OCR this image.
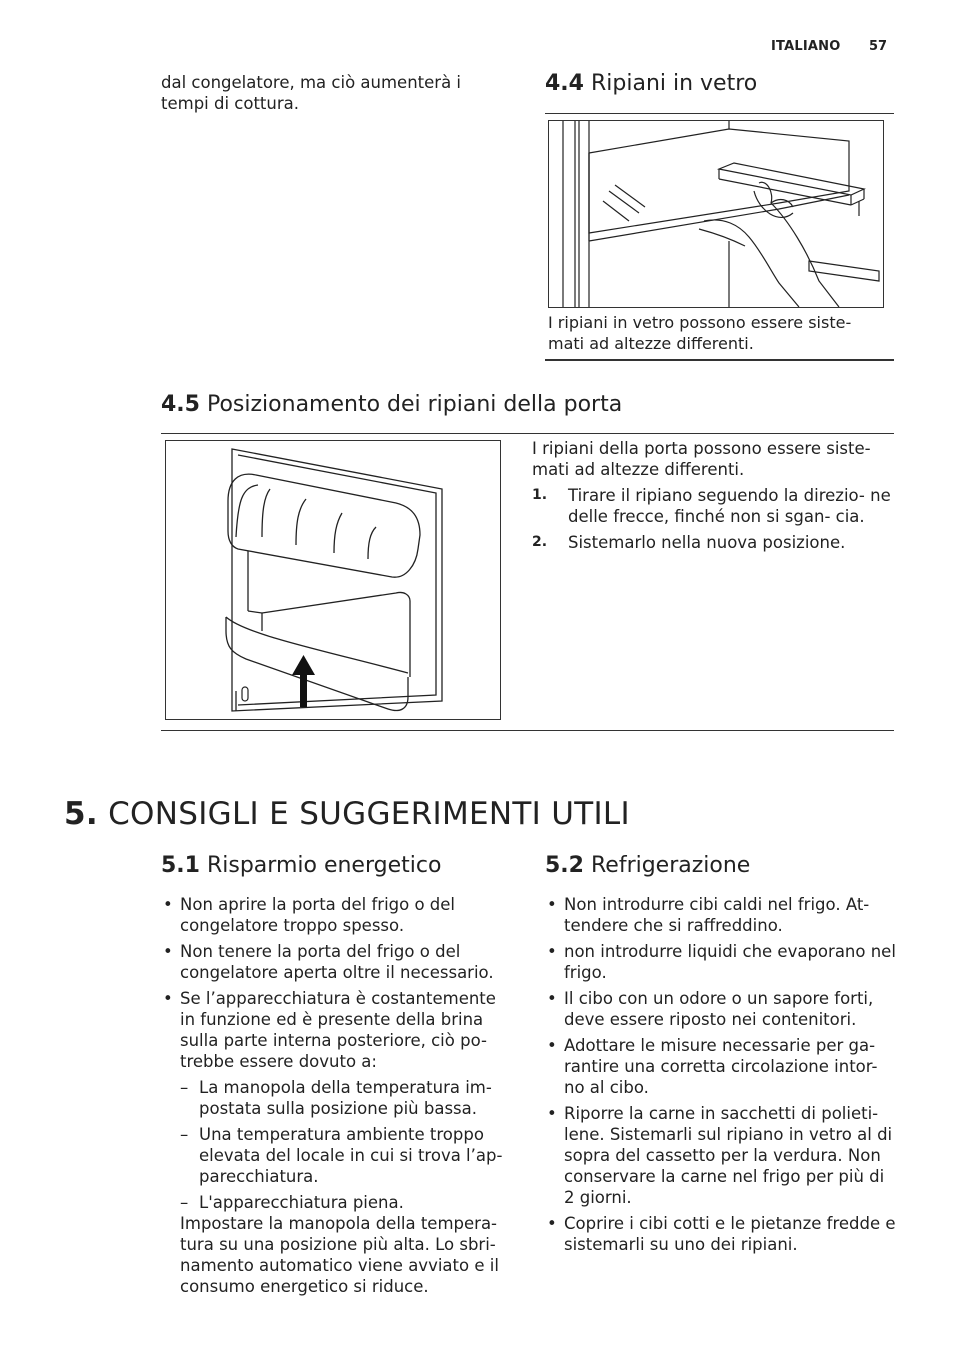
ITALIANO 57
dal congelatore, ma ciò aumenterà i tempi di cottura.
4.4 Ripiani in vetro
I ripiani in vetro possono essere siste- mati ad altezze differenti.
4.5 Posizionamento dei ripiani della porta
I ripiani della porta possono essere siste- mati ad altezze differenti.
1. Tirare il ripiano seguendo la direzio- ne delle frecce, finché non si sgan- cia.
2. Sistemarlo nella nuova posizione.
5. CONSIGLI E SUGGERIMENTI UTILI
5.1 Risparmio energetico
• Non aprire la porta del frigo o del congelatore troppo spesso.
• Non tenere la porta del frigo o del congelatore aperta oltre il necessario.
• Se l’apparecchiatura è costantemente in funzione ed è presente della brina sulla parte interna posteriore, ciò po- trebbe essere dovuto a:
– La manopola della temperatura im- postata sulla posizione più bassa.
– Una temperatura ambiente troppo elevata del locale in cui si trova l’ap- parecchiatura.
– L'apparecchiatura piena.
Impostare la manopola della tempera- tura su una posizione più alta. Lo sbri- namento automatico viene avviato e il consumo energetico si riduce.
5.2 Refrigerazione
• Non introdurre cibi caldi nel frigo. At- tendere che si raffreddino.
• non introdurre liquidi che evaporano nel frigo.
• Il cibo con un odore o un sapore forti, deve essere riposto nei contenitori.
• Adottare le misure necessarie per ga- rantire una corretta circolazione intor- no al cibo.
• Riporre la carne in sacchetti di polieti- lene. Sistemarli sul ripiano in vetro al di sopra del cassetto per la verdura. Non conservare la carne nel frigo per più di 2 giorni.
• Coprire i cibi cotti e le pietanze fredde e sistemarli su uno dei ripiani.
